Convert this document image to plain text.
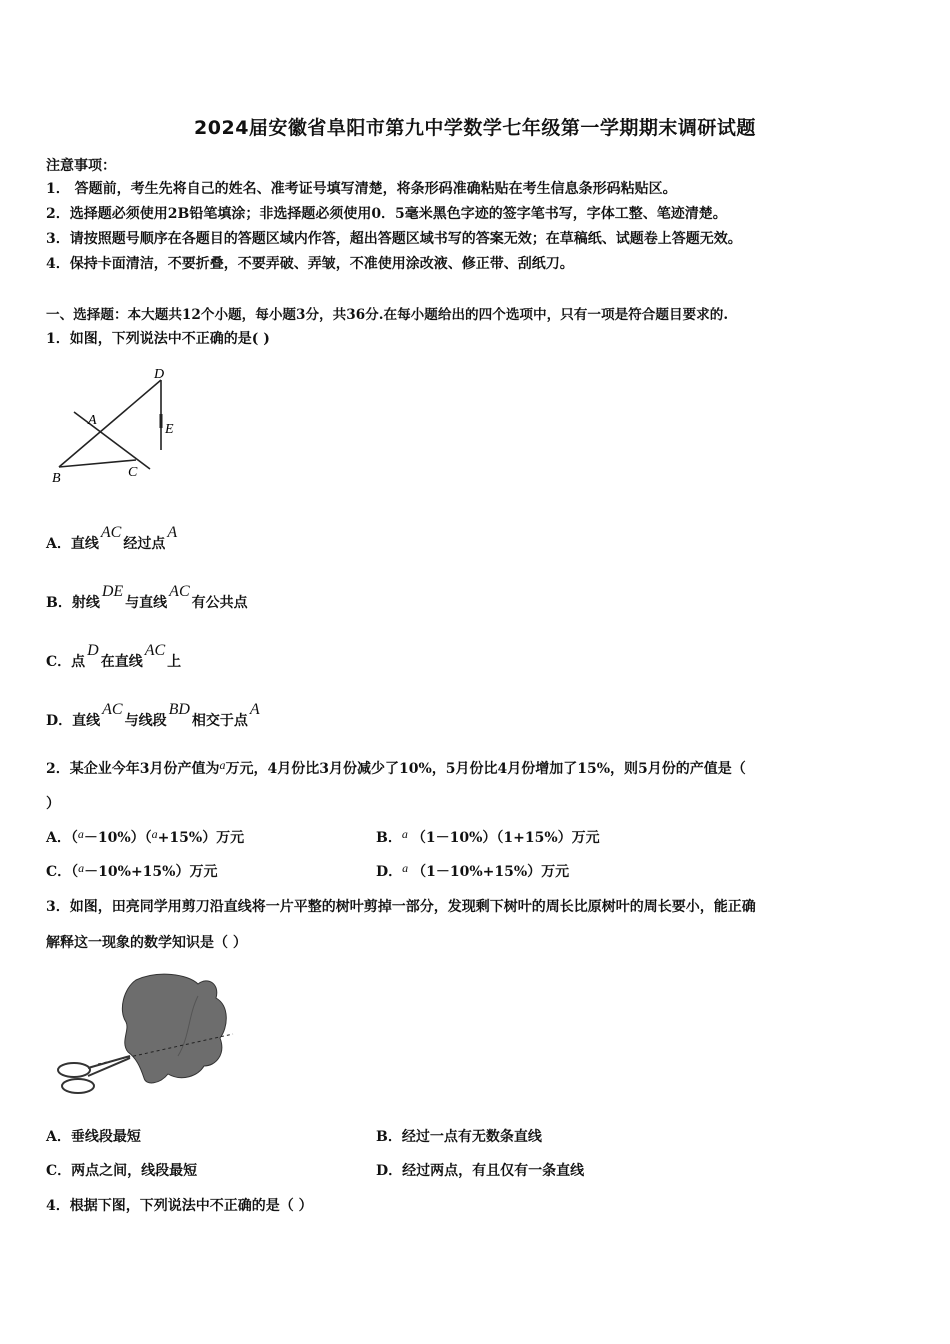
2024届安徽省阜阳市第九中学数学七年级第一学期期末调研试题
注意事项：
1． 答题前，考生先将自己的姓名、准考证号填写清楚，将条形码准确粘贴在考生信息条形码粘贴区。
2．选择题必须使用2B铅笔填涂；非选择题必须使用0．5毫米黑色字迹的签字笔书写，字体工整、笔迹清楚。
3．请按照题号顺序在各题目的答题区域内作答，超出答题区域书写的答案无效；在草稿纸、试题卷上答题无效。
4．保持卡面清洁，不要折叠，不要弄破、弄皱，不准使用涂改液、修正带、刮纸刀。
一、选择题：本大题共12个小题，每小题3分，共36分.在每小题给出的四个选项中，只有一项是符合题目要求的.
1．如图，下列说法中不正确的是( )
D
A
E
B	C
A．直线AC经过点A
B．射线DE与直线AC有公共点
C．点D在直线AC上
D．直线AC与线段BD相交于点A
2．某企业今年3月份产值为a万元，4月份比3月份减少了10%，5月份比4月份增加了15%，则5月份的产值是（
）
A．（a－10%）（a+15%）万元	B．a （1－10%）（1+15%）万元
C．（a－10%+15%）万元	D．a （1－10%+15%）万元
3．如图，田亮同学用剪刀沿直线将一片平整的树叶剪掉一部分，发现剩下树叶的周长比原树叶的周长要小，能正确
解释这一现象的数学知识是（ ）
A．垂线段最短	B．经过一点有无数条直线
C．两点之间，线段最短	D．经过两点，有且仅有一条直线
4．根据下图，下列说法中不正确的是（ ）
